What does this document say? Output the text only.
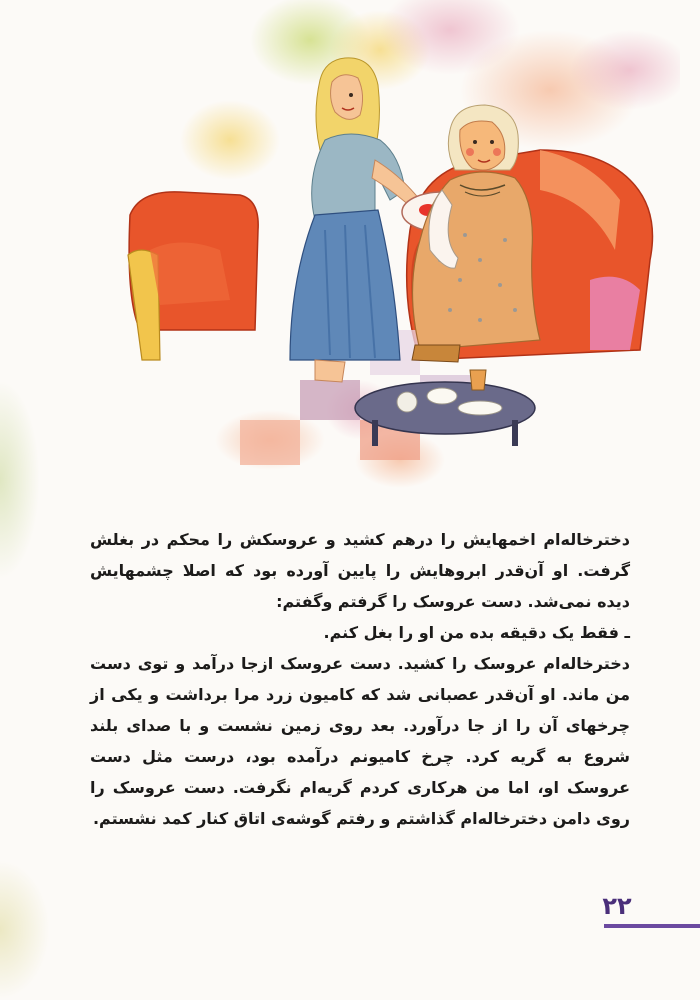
دخترخاله‌ام اخمهایش را درهم کشید و عروسکش را محکم در بغلش گرفت. او آن‌قدر ابروهایش را پایین آورده بود که اصلا چشمهایش دیده نمی‌شد. دست عروسک را گرفتم وگفتم:

ـ فقط یک دقیقه بده من او را بغل کنم.

دخترخاله‌ام عروسک را کشید. دست عروسک ازجا درآمد و توی دست من ماند. او آن‌قدر عصبانی شد که کامیون زرد مرا برداشت و یکی از چرخهای آن را از جا درآورد. بعد روی زمین نشست و با صدای بلند شروع به گریه کرد. چرخ کامیونم درآمده بود، درست مثل دست عروسک او، اما من هرکاری کردم گریه‌ام نگرفت. دست عروسک را روی دامن دخترخاله‌ام گذاشتم و رفتم گوشه‌ی اتاق کنار کمد نشستم.

۲۲
